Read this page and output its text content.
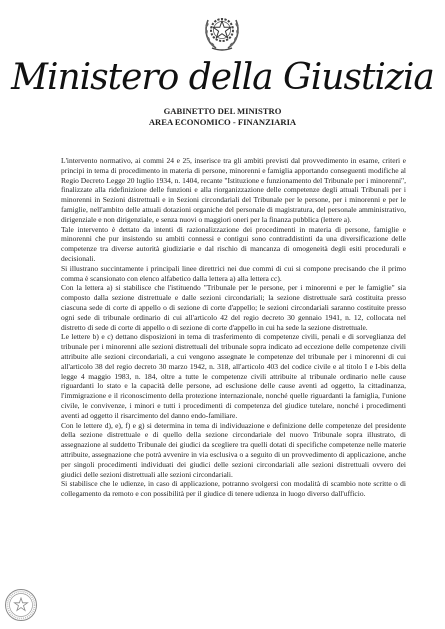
Ministero della Giustizia
GABINETTO DEL MINISTRO
AREA ECONOMICO - FINANZIARIA

L'intervento normativo, ai commi 24 e 25, inserisce tra gli ambiti previsti dal provvedimento in esame, criteri e principi in tema di procedimento in materia di persone, minorenni e famiglia apportando conseguenti modifiche al Regio Decreto Legge 20 luglio 1934, n. 1404, recante "Istituzione e funzionamento del Tribunale per i minorenni", finalizzate alla ridefinizione delle funzioni e alla riorganizzazione delle competenze degli attuali Tribunali per i minorenni in Sezioni distrettuali e in Sezioni circondariali del Tribunale per le persone, per i minorenni e per le famiglie, nell'ambito delle attuali dotazioni organiche del personale di magistratura, del personale amministrativo, dirigenziale e non dirigenziale, e senza nuovi o maggiori oneri per la finanza pubblica (lettere a).

Tale intervento è dettato da intenti di razionalizzazione dei procedimenti in materia di persone, famiglie e minorenni che pur insistendo su ambiti connessi e contigui sono contraddistinti da una diversificazione delle competenze tra diverse autorità giudiziarie e dal rischio di mancanza di omogeneità degli esiti procedurali e decisionali.

Si illustrano succintamente i principali linee direttrici nei due commi di cui si compone precisando che il primo comma è scansionato con elenco alfabetico dalla lettera a) alla lettera cc).

Con la lettera a) si stabilisce che l'istituendo "Tribunale per le persone, per i minorenni e per le famiglie" sia composto dalla sezione distrettuale e dalle sezioni circondariali; la sezione distrettuale sarà costituita presso ciascuna sede di corte di appello o di sezione di corte d'appello; le sezioni circondariali saranno costituite presso ogni sede di tribunale ordinario di cui all'articolo 42 del regio decreto 30 gennaio 1941, n. 12, collocata nel distretto di sede di corte di appello o di sezione di corte d'appello in cui ha sede la sezione distrettuale.

Le lettere b) e c) dettano disposizioni in tema di trasferimento di competenze civili, penali e di sorveglianza del tribunale per i minorenni alle sezioni distrettuali del tribunale sopra indicato ad eccezione delle competenze civili attribuite alle sezioni circondariali, a cui vengono assegnate le competenze del tribunale per i minorenni di cui all'articolo 38 del regio decreto 30 marzo 1942, n. 318, all'articolo 403 del codice civile e al titolo I e I-bis della legge 4 maggio 1983, n. 184, oltre a tutte le competenze civili attribuite al tribunale ordinario nelle cause riguardanti lo stato e la capacità delle persone, ad esclusione delle cause aventi ad oggetto, la cittadinanza, l'immigrazione e il riconoscimento della protezione internazionale, nonché quelle riguardanti la famiglia, l'unione civile, le convivenze, i minori e tutti i procedimenti di competenza del giudice tutelare, nonché i procedimenti aventi ad oggetto il risarcimento del danno endo-familiare.

Con le lettere d), e), f) e g) si determina in tema di individuazione e definizione delle competenze del presidente della sezione distrettuale e di quello della sezione circondariale del nuovo Tribunale sopra illustrato, di assegnazione al suddetto Tribunale dei giudici da scegliere tra quelli dotati di specifiche competenze nelle materie attribuite, assegnazione che potrà avvenire in via esclusiva o a seguito di un provvedimento di applicazione, anche per singoli procedimenti individuati dei giudici delle sezioni circondariali alle sezioni distrettuali ovvero dei giudici delle sezioni distrettuali alle sezioni circondariali.

Si stabilisce che le udienze, in caso di applicazione, potranno svolgersi con modalità di scambio note scritte o di collegamento da remoto e con possibilità per il giudice di tenere udienza in luogo diverso dall'ufficio.
